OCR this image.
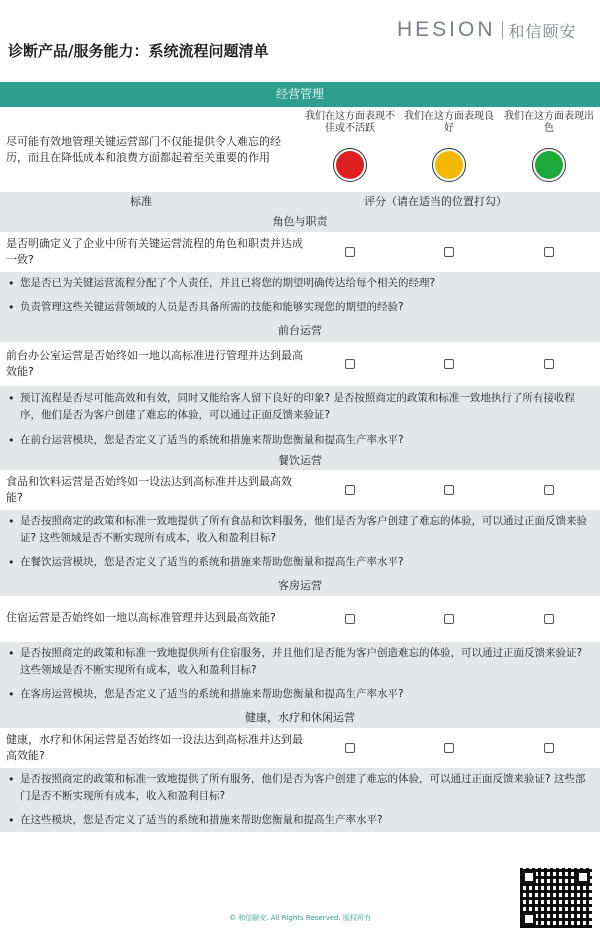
诊断产品/服务能力：系统流程问题清单
HESION 和信颐安
经营管理
尽可能有效地管理关键运营部门不仅能提供令人难忘的经历，而且在降低成本和浪费方面都起着至关重要的作用
我们在这方面表现不佳或不活跃
我们在这方面表现良好
我们在这方面表现出色
标准	评分（请在适当的位置打勾）
角色与职责
是否明确定义了企业中所有关键运营流程的角色和职责并达成一致?
• 您是否已为关键运营流程分配了个人责任，并且已将您的期望明确传达给每个相关的经理?
• 负责管理这些关键运营领域的人员是否具备所需的技能和能够实现您的期望的经验?
前台运营
前台办公室运营是否始终如一地以高标准进行管理并达到最高效能?
• 预订流程是否尽可能高效和有效，同时又能给客人留下良好的印象? 是否按照商定的政策和标准一致地执行了所有接收程序，他们是否为客户创建了难忘的体验，可以通过正面反馈来验证?
• 在前台运营模块，您是否定义了适当的系统和措施来帮助您衡量和提高生产率水平?
餐饮运营
食品和饮料运营是否始终如一设法达到高标准并达到最高效能?
• 是否按照商定的政策和标准一致地提供了所有食品和饮料服务，他们是否为客户创建了难忘的体验，可以通过正面反馈来验证? 这些领域是否不断实现所有成本，收入和盈利目标?
• 在餐饮运营模块，您是否定义了适当的系统和措施来帮助您衡量和提高生产率水平?
客房运营
住宿运营是否始终如一地以高标准管理并达到最高效能?
• 是否按照商定的政策和标准一致地提供所有住宿服务，并且他们是否能为客户创造难忘的体验，可以通过正面反馈来验证? 这些领域是否不断实现所有成本，收入和盈利目标?
• 在客房运营模块，您是否定义了适当的系统和措施来帮助您衡量和提高生产率水平?
健康，水疗和休闲运营
健康，水疗和休闲运营是否始终如一设法达到高标准并达到最高效能?
• 是否按照商定的政策和标准一致地提供了所有服务，他们是否为客户创建了难忘的体验，可以通过正面反馈来验证? 这些部门是否不断实现所有成本，收入和盈利目标?
• 在这些模块，您是否定义了适当的系统和措施来帮助您衡量和提高生产率水平?
© 和信颐安. All Rights Reserved. 版权所有
